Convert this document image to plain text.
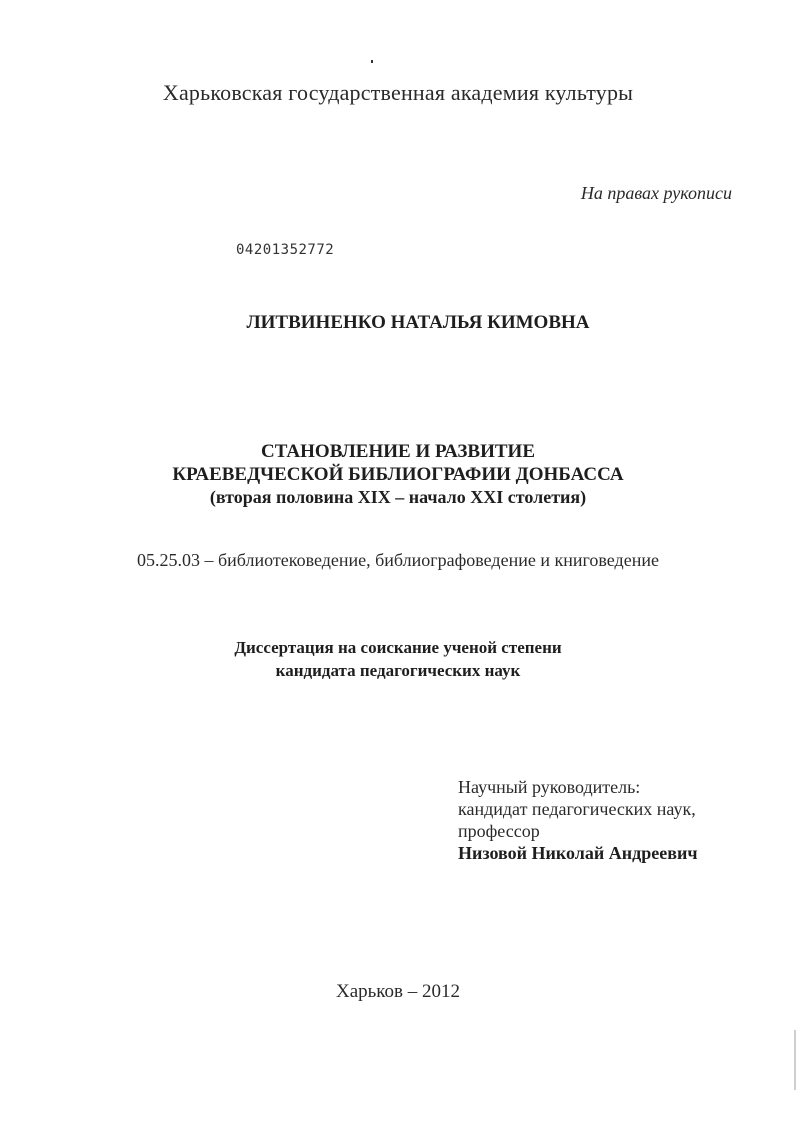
Харьковская государственная академия культуры
На правах рукописи
04201352772
ЛИТВИНЕНКО НАТАЛЬЯ КИМОВНА
СТАНОВЛЕНИЕ И РАЗВИТИЕ
КРАЕВЕДЧЕСКОЙ БИБЛИОГРАФИИ ДОНБАССА
(вторая половина XIX – начало XXI столетия)
05.25.03 – библиотековедение, библиографоведение и книговедение
Диссертация на соискание ученой степени
кандидата педагогических наук
Научный руководитель:
кандидат педагогических наук,
профессор
Низовой Николай Андреевич
Харьков – 2012
